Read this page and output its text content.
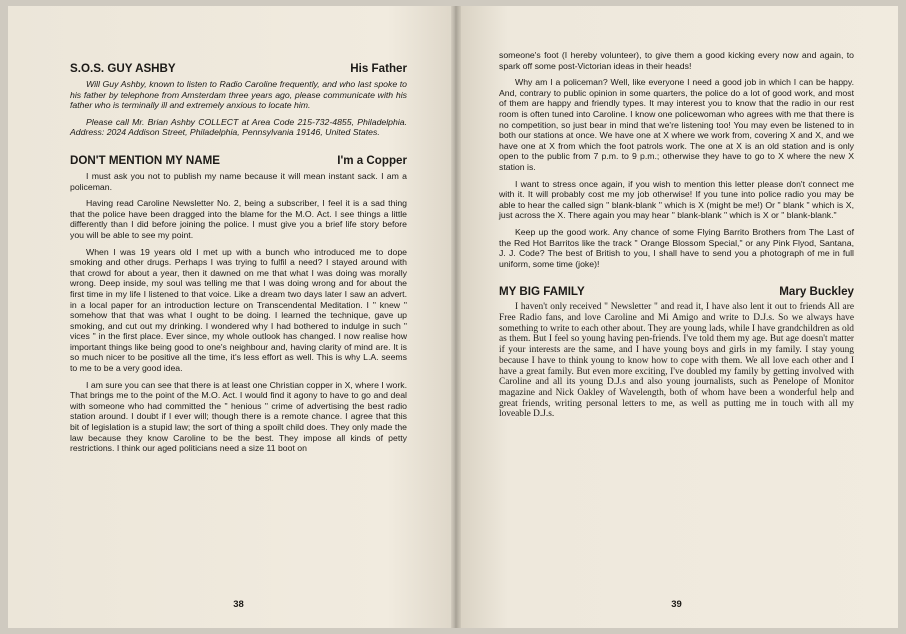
S.O.S. GUY ASHBY	His Father

Will Guy Ashby, known to listen to Radio Caroline frequently, and who last spoke to his father by telephone from Amsterdam three years ago, please communicate with his father who is terminally ill and extremely anxious to locate him.

Please call Mr. Brian Ashby COLLECT at Area Code 215-732-4855, Philadelphia. Address: 2024 Addison Street, Philadelphia, Pennsylvania 19146, United States.

DON'T MENTION MY NAME	I'm a Copper

I must ask you not to publish my name because it will mean instant sack. I am a policeman.

Having read Caroline Newsletter No. 2, being a subscriber, I feel it is a sad thing that the police have been dragged into the blame for the M.O. Act. I see things a little differently than I did before joining the police. I must give you a brief life story before you will be able to see my point.

When I was 19 years old I met up with a bunch who introduced me to dope smoking and other drugs. Perhaps I was trying to fulfil a need? I stayed around with that crowd for about a year, then it dawned on me that what I was doing was morally wrong. Deep inside, my soul was telling me that I was doing wrong and for about the first time in my life I listened to that voice. Like a dream two days later I saw an advert. in a local paper for an introduction lecture on Transcendental Meditation. I " knew " somehow that that was what I ought to be doing. I learned the technique, gave up smoking, and cut out my drinking. I wondered why I had bothered to indulge in such " vices " in the first place. Ever since, my whole outlook has changed. I now realise how important things like being good to one's neighbour and, having clarity of mind are. It is so much nicer to be positive all the time, it's less effort as well. This is why L.A. seems to me to be a very good idea.

I am sure you can see that there is at least one Christian copper in X, where I work. That brings me to the point of the M.O. Act. I would find it agony to have to go and deal with someone who had committed the " henious " crime of advertising the best radio station around. I doubt if I ever will; though there is a remote chance. I agree that this bit of legislation is a stupid law; the sort of thing a spoilt child does. They only made the law because they know Caroline to be the best. They impose all kinds of petty restrictions. I think our aged politicians need a size 11 boot on

38

someone's foot (I hereby volunteer), to give them a good kicking every now and again, to spark off some post-Victorian ideas in their heads!

Why am I a policeman? Well, like everyone I need a good job in which I can be happy. And, contrary to public opinion in some quarters, the police do a lot of good work, and most of them are happy and friendly types. It may interest you to know that the radio in our rest room is often tuned into Caroline. I know one policewoman who agrees with me that there is no competition, so just bear in mind that we're listening too! You may even be listened to in both our stations at once. We have one at X where we work from, covering X and X, and we have one at X from which the foot patrols work. The one at X is an old station and is only open to the public from 7 p.m. to 9 p.m.; otherwise they have to go to X where the new X station is.

I want to stress once again, if you wish to mention this letter please don't connect me with it. It will probably cost me my job otherwise! If you tune into police radio you may be able to hear the called sign " blank-blank " which is X (might be me!) Or " blank " which is X, just across the X. There again you may hear " blank-blank " which is X or " blank-blank."

Keep up the good work. Any chance of some Flying Barrito Brothers from The Last of the Red Hot Barritos like the track " Orange Blossom Special," or any Pink Flyod, Santana, J. J. Code? The best of British to you, I shall have to send you a photograph of me in full uniform, some time (joke)!

MY BIG FAMILY	Mary Buckley

I haven't only received " Newsletter " and read it, I have also lent it out to friends All are Free Radio fans, and love Caroline and Mi Amigo and write to D.J.s. So we always have something to write to each other about. They are young lads, while I have grandchildren as old as them. But I feel so young having pen-friends. I've told them my age. But age doesn't matter if your interests are the same, and I have young boys and girls in my family. I stay young because I have to think young to know how to cope with them. We all love each other and I have a great family. But even more exciting, I've doubled my family by getting involved with Caroline and all its young D.J.s and also young journalists, such as Penelope of Monitor magazine and Nick Oakley of Wavelength, both of whom have been a wonderful help and great friends, writing personal letters to me, as well as putting me in touch with all my loveable D.J.s.

39
